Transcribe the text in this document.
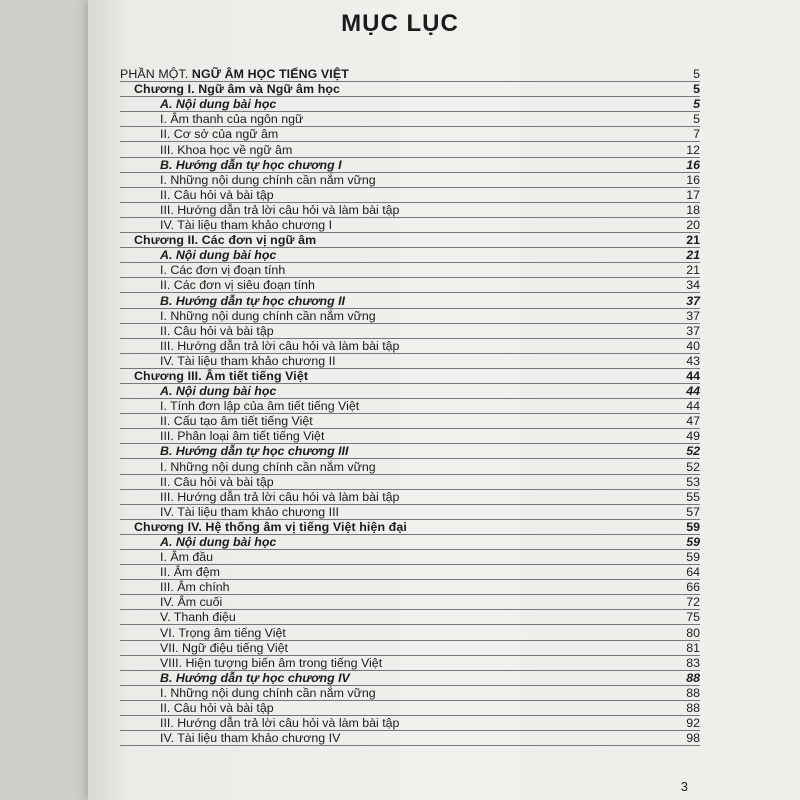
MỤC LỤC
PHẦN MỘT. NGỮ ÂM HỌC TIẾNG VIỆT	5
Chương I. Ngữ âm và Ngữ âm học	5
A. Nội dung bài học	5
I. Âm thanh của ngôn ngữ	5
II. Cơ sở của ngữ âm	7
III. Khoa học về ngữ âm	12
B. Hướng dẫn tự học chương I	16
I. Những nội dung chính cần nắm vững	16
II. Câu hỏi và bài tập	17
III. Hướng dẫn trả lời câu hỏi và làm bài tập	18
IV. Tài liệu tham khảo chương I	20
Chương II. Các đơn vị ngữ âm	21
A. Nội dung bài học	21
I. Các đơn vị đoạn tính	21
II. Các đơn vị siêu đoạn tính	34
B. Hướng dẫn tự học chương II	37
I. Những nội dung chính cần nắm vững	37
II. Câu hỏi và bài tập	37
III. Hướng dẫn trả lời câu hỏi và làm bài tập	40
IV. Tài liệu tham khảo chương II	43
Chương III. Âm tiết tiếng Việt	44
A. Nội dung bài học	44
I. Tính đơn lập của âm tiết tiếng Việt	44
II. Cấu tạo âm tiết tiếng Việt	47
III. Phân loại âm tiết tiếng Việt	49
B. Hướng dẫn tự học chương III	52
I. Những nội dung chính cần nắm vững	52
II. Câu hỏi và bài tập	53
III. Hướng dẫn trả lời câu hỏi và làm bài tập	55
IV. Tài liệu tham khảo chương III	57
Chương IV. Hệ thống âm vị tiếng Việt hiện đại	59
A. Nội dung bài học	59
I. Âm đầu	59
II. Âm đệm	64
III. Âm chính	66
IV. Âm cuối	72
V. Thanh điệu	75
VI. Trọng âm tiếng Việt	80
VII. Ngữ điệu tiếng Việt	81
VIII. Hiện tượng biến âm trong tiếng Việt	83
B. Hướng dẫn tự học chương IV	88
I. Những nội dung chính cần nắm vững	88
II. Câu hỏi và bài tập	88
III. Hướng dẫn trả lời câu hỏi và làm bài tập	92
IV. Tài liệu tham khảo chương IV	98
3
